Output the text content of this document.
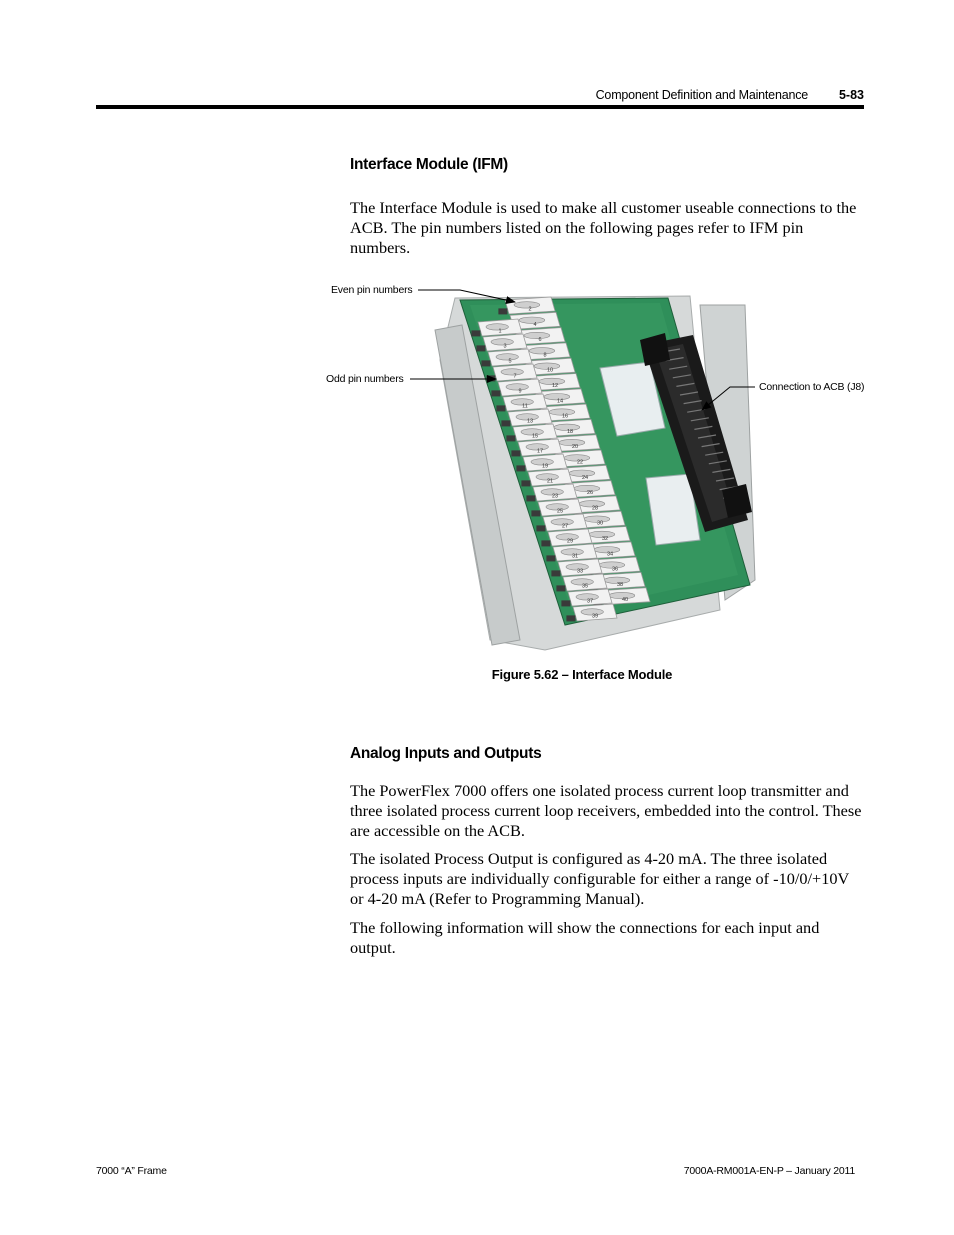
Component Definition and Maintenance 5-83
Interface Module (IFM)

The Interface Module is used to make all customer useable connections to the ACB. The pin numbers listed on the following pages refer to IFM pin numbers.

Even pin numbers
Odd pin numbers
Connection to ACB (J8)
2
4
6
8
10
12
14
16
18
20
22
24
26
28
30
32
34
36
38
40
1
3
5
7
9
11
13
15
17
19
21
23
25
27
29
31
33
35
37
39
Figure 5.62 – Interface Module
Analog Inputs and Outputs

The PowerFlex 7000 offers one isolated process current loop transmitter and three isolated process current loop receivers, embedded into the control. These are accessible on the ACB.

The isolated Process Output is configured as 4-20 mA. The three isolated process inputs are individually configurable for either a range of -10/0/+10V or 4-20 mA (Refer to Programming Manual).

The following information will show the connections for each input and output.

7000 “A” Frame	7000A-RM001A-EN-P – January 2011
